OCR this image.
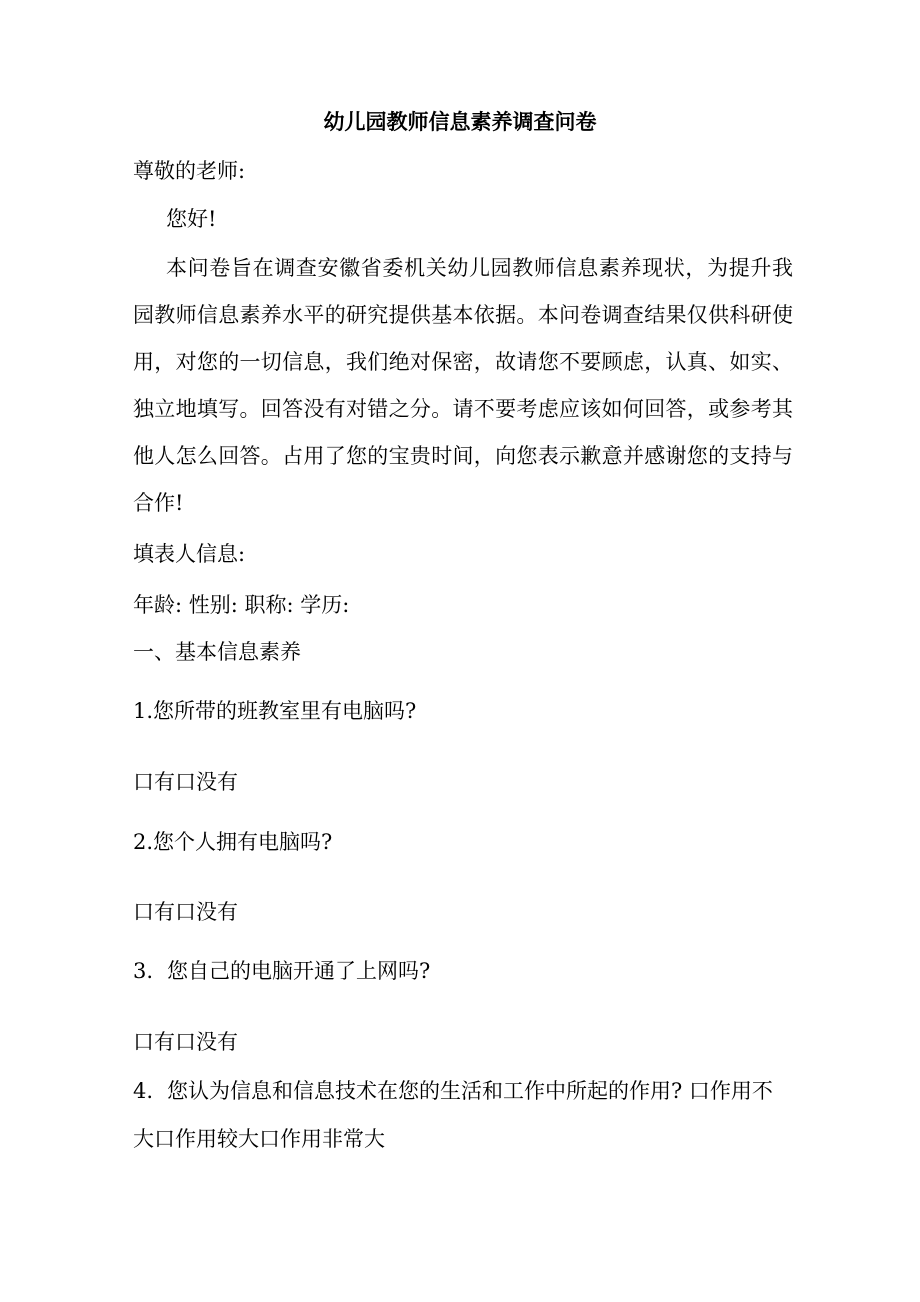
幼儿园教师信息素养调查问卷
尊敬的老师:
您好!
本问卷旨在调查安徽省委机关幼儿园教师信息素养现状，为提升我园教师信息素养水平的研究提供基本依据。本问卷调查结果仅供科研使用，对您的一切信息，我们绝对保密，故请您不要顾虑，认真、如实、独立地填写。回答没有对错之分。请不要考虑应该如何回答，或参考其他人怎么回答。占用了您的宝贵时间，向您表示歉意并感谢您的支持与合作!
填表人信息:
年龄: 性别: 职称: 学历:
一、基本信息素养
1.您所带的班教室里有电脑吗?
口有口没有
2.您个人拥有电脑吗?
口有口没有
3. 您自己的电脑开通了上网吗?
口有口没有
4. 您认为信息和信息技术在您的生活和工作中所起的作用? 口作用不
大口作用较大口作用非常大
